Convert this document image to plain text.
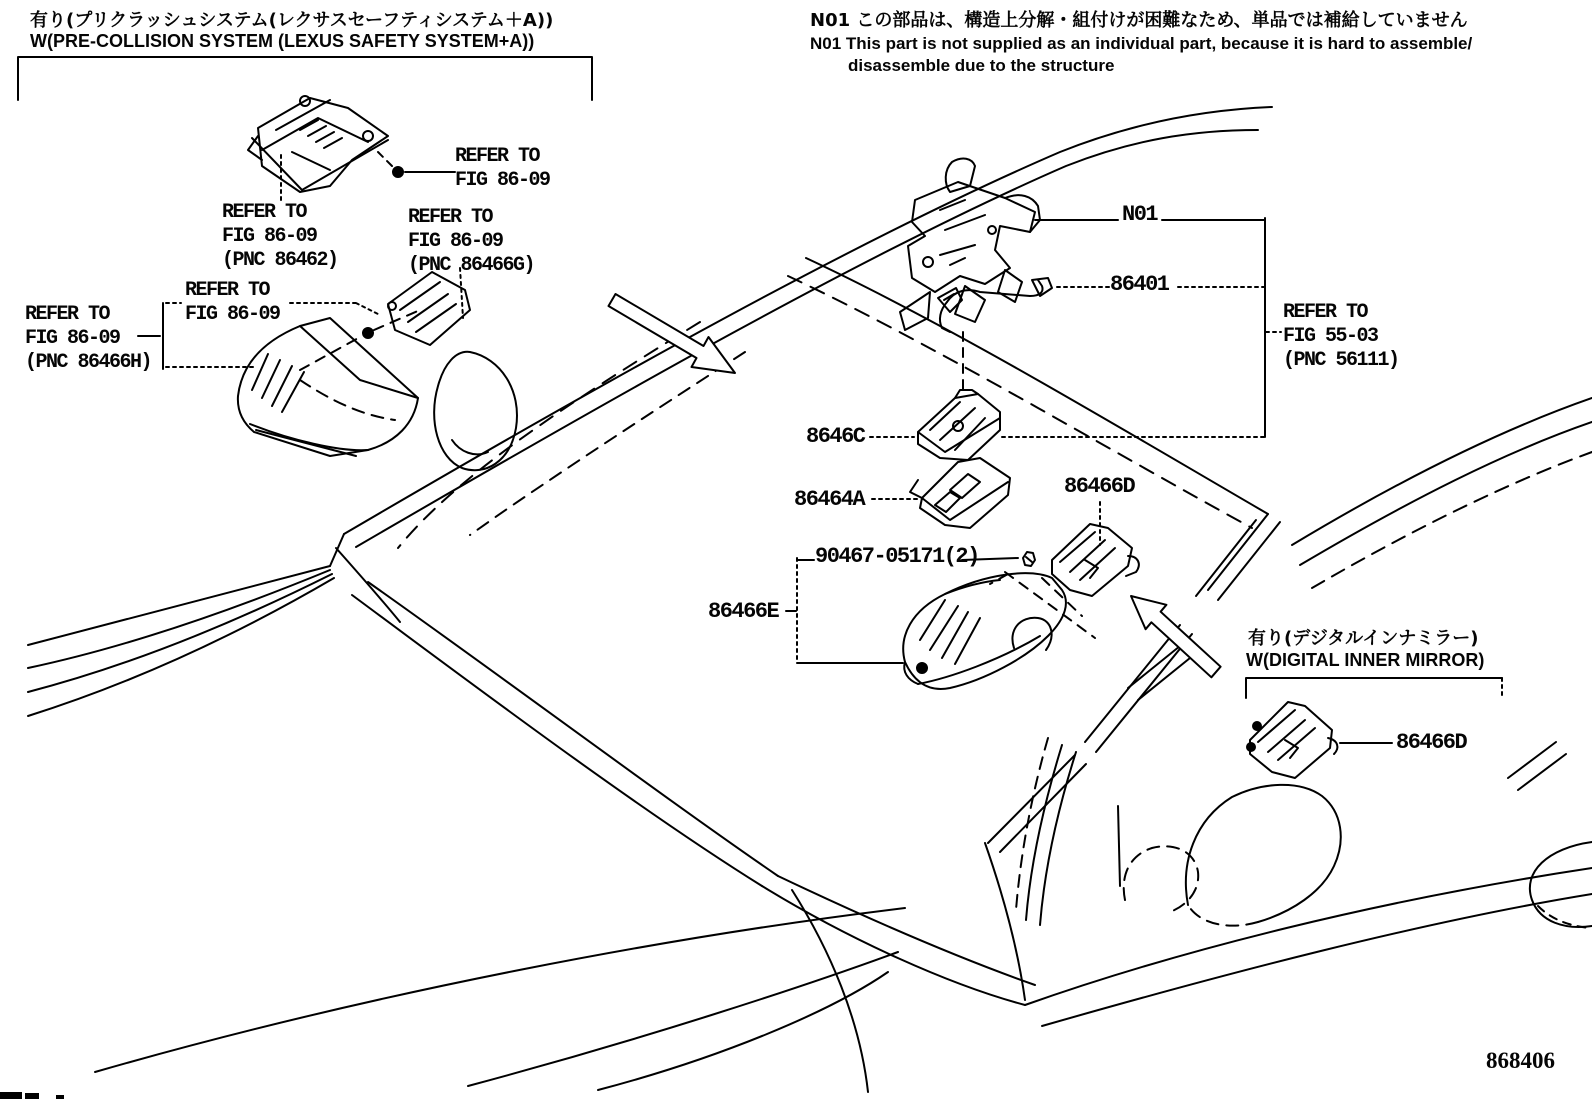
有り(プリクラッシュシステム(レクサスセーフティシステム＋A))
W(PRE-COLLISION SYSTEM (LEXUS SAFETY SYSTEM+A))
N01 この部品は、構造上分解・組付けが困難なため、単品では補給していません
N01 This part is not supplied as an individual part, because it is hard to assemble/
disassemble due to the structure
REFER TO
FIG 86-09
REFER TO
FIG 86-09
(PNC 86462)
REFER TO
FIG 86-09
(PNC 86466G)
REFER TO
FIG 86-09
REFER TO
FIG 86-09
(PNC 86466H)
N01
86401
REFER TO
FIG 55-03
(PNC 56111)
8646C
86464A
86466D
90467-05171(2)
86466E
有り(デジタルインナミラー)
W(DIGITAL INNER MIRROR)
86466D
868406
